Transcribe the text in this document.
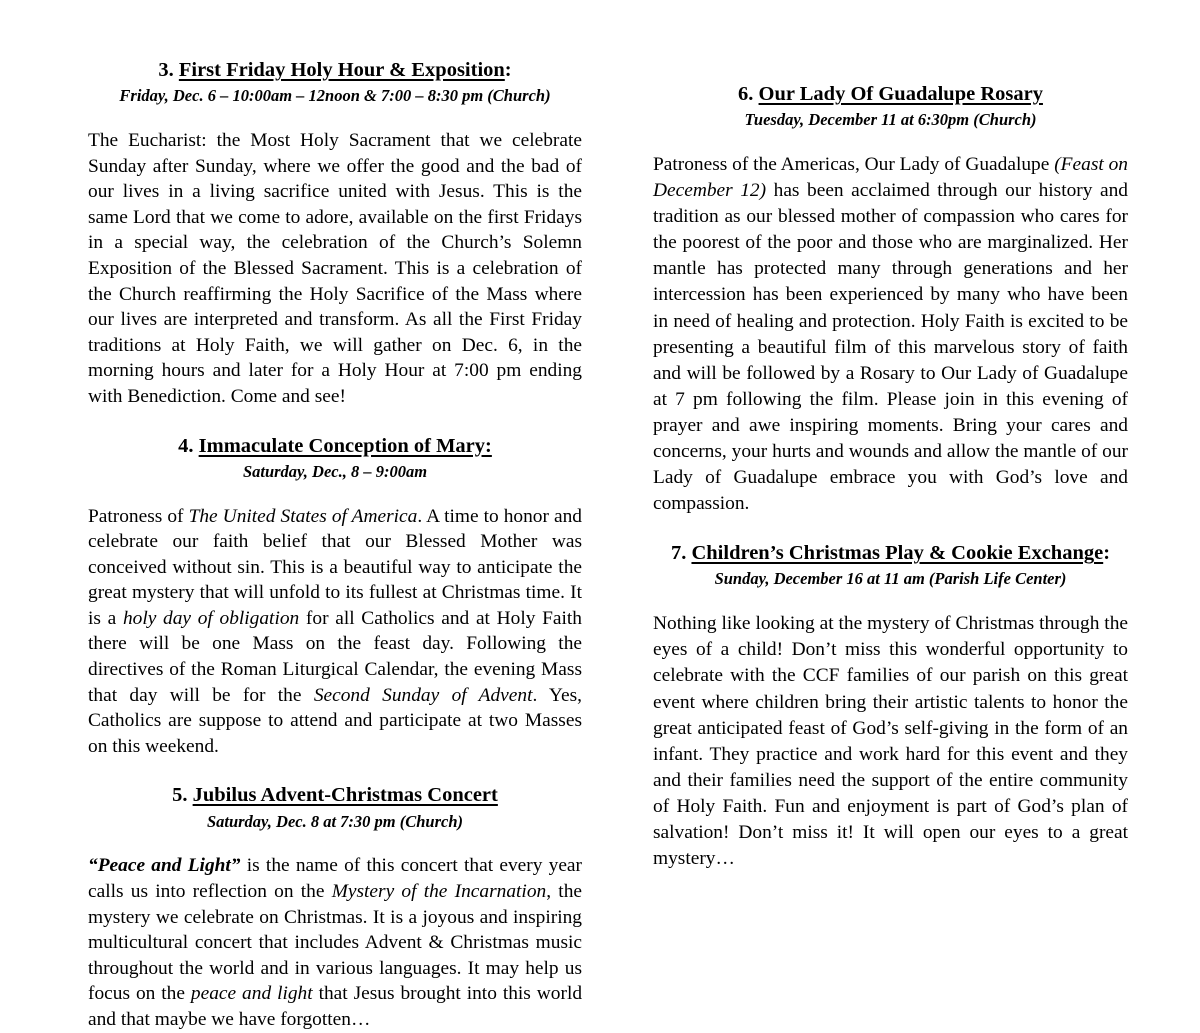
3. First Friday Holy Hour & Exposition:
Friday, Dec. 6 – 10:00am – 12noon & 7:00 – 8:30 pm (Church)

The Eucharist: the Most Holy Sacrament that we celebrate Sunday after Sunday, where we offer the good and the bad of our lives in a living sacrifice united with Jesus. This is the same Lord that we come to adore, available on the first Fridays in a special way, the celebration of the Church’s Solemn Exposition of the Blessed Sacrament. This is a celebration of the Church reaffirming the Holy Sacrifice of the Mass where our lives are interpreted and transform. As all the First Friday traditions at Holy Faith, we will gather on Dec. 6, in the morning hours and later for a Holy Hour at 7:00 pm ending with Benediction. Come and see!

4. Immaculate Conception of Mary:
Saturday, Dec., 8 – 9:00am

Patroness of The United States of America. A time to honor and celebrate our faith belief that our Blessed Mother was conceived without sin. This is a beautiful way to anticipate the great mystery that will unfold to its fullest at Christmas time. It is a holy day of obligation for all Catholics and at Holy Faith there will be one Mass on the feast day. Following the directives of the Roman Liturgical Calendar, the evening Mass that day will be for the Second Sunday of Advent. Yes, Catholics are suppose to attend and participate at two Masses on this weekend.

5. Jubilus Advent-Christmas Concert
Saturday, Dec. 8 at 7:30 pm (Church)

“Peace and Light” is the name of this concert that every year calls us into reflection on the Mystery of the Incarnation, the mystery we celebrate on Christmas. It is a joyous and inspiring multicultural concert that includes Advent & Christmas music throughout the world and in various languages. It may help us focus on the peace and light that Jesus brought into this world and that maybe we have forgotten…

6. Our Lady Of Guadalupe Rosary
Tuesday, December 11 at 6:30pm (Church)

Patroness of the Americas, Our Lady of Guadalupe (Feast on December 12) has been acclaimed through our history and tradition as our blessed mother of compassion who cares for the poorest of the poor and those who are marginalized. Her mantle has protected many through generations and her intercession has been experienced by many who have been in need of healing and protection. Holy Faith is excited to be presenting a beautiful film of this marvelous story of faith and will be followed by a Rosary to Our Lady of Guadalupe at 7 pm following the film. Please join in this evening of prayer and awe inspiring moments. Bring your cares and concerns, your hurts and wounds and allow the mantle of our Lady of Guadalupe embrace you with God’s love and compassion.

7. Children’s Christmas Play & Cookie Exchange:
Sunday, December 16 at 11 am (Parish Life Center)

Nothing like looking at the mystery of Christmas through the eyes of a child! Don’t miss this wonderful opportunity to celebrate with the CCF families of our parish on this great event where children bring their artistic talents to honor the great anticipated feast of God’s self-giving in the form of an infant. They practice and work hard for this event and they and their families need the support of the entire community of Holy Faith. Fun and enjoyment is part of God’s plan of salvation! Don’t miss it! It will open our eyes to a great mystery…
